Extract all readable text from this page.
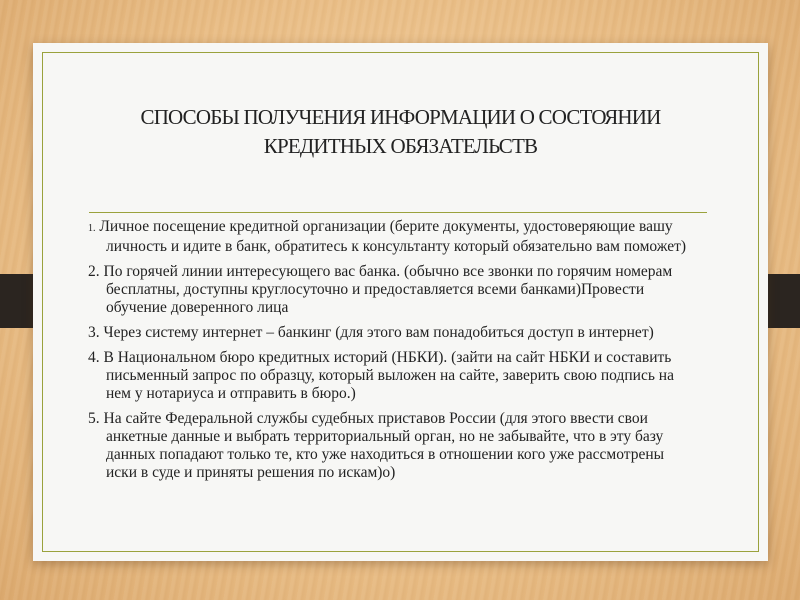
СПОСОБЫ ПОЛУЧЕНИЯ ИНФОРМАЦИИ О СОСТОЯНИИ
КРЕДИТНЫХ ОБЯЗАТЕЛЬСТВ
1. Личное посещение кредитной организации (берите документы, удостоверяющие вашу личность и идите в банк, обратитесь к консультанту который обязательно вам поможет)
2. По горячей линии интересующего вас банка. (обычно все звонки по горячим номерам бесплатны, доступны круглосуточно и предоставляется всеми банками)Провести обучение доверенного лица
3. Через систему интернет – банкинг (для этого вам понадобиться доступ в интернет)
4. В Национальном бюро кредитных историй (НБКИ). (зайти на сайт НБКИ и составить письменный запрос по образцу, который выложен на сайте, заверить свою подпись на нем у нотариуса и отправить в бюро.)
5. На сайте Федеральной службы судебных приставов России (для этого ввести свои анкетные данные и выбрать территориальный орган, но не забывайте, что в эту базу данных попадают только те, кто уже находиться в отношении кого уже рассмотрены иски в суде и приняты решения по искам)о)
